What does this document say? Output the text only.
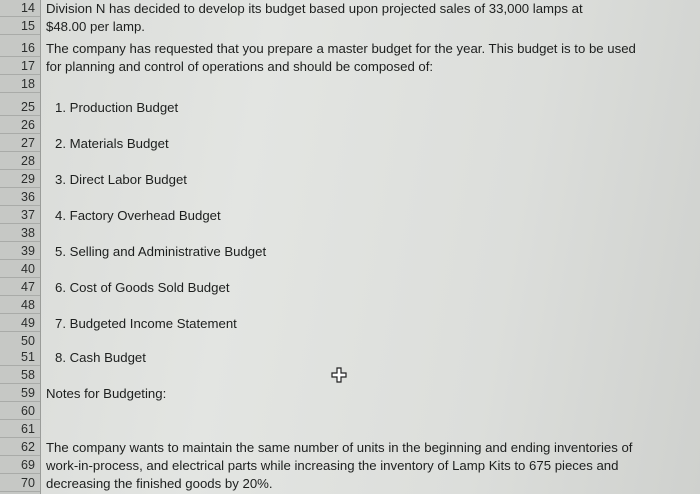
14 Division N has decided to develop its budget based upon projected sales of 33,000 lamps at
15 $48.00 per lamp.
16 The company has requested that you prepare a master budget for the year. This budget is to be used
17 for planning and control of operations and should be composed of:
18
25	1. Production Budget
26
27	2. Materials Budget
28
29	3. Direct Labor Budget
36
37	4. Factory Overhead Budget
38
39	5. Selling and Administrative Budget
40
47	6. Cost of Goods Sold Budget
48
49	7. Budgeted Income Statement
50
51	8. Cash Budget
58
59 Notes for Budgeting:
60
61
62 The company wants to maintain the same number of units in the beginning and ending inventories of
69 work-in-process, and electrical parts while increasing the inventory of Lamp Kits to 675 pieces and
70 decreasing the finished goods by 20%.
